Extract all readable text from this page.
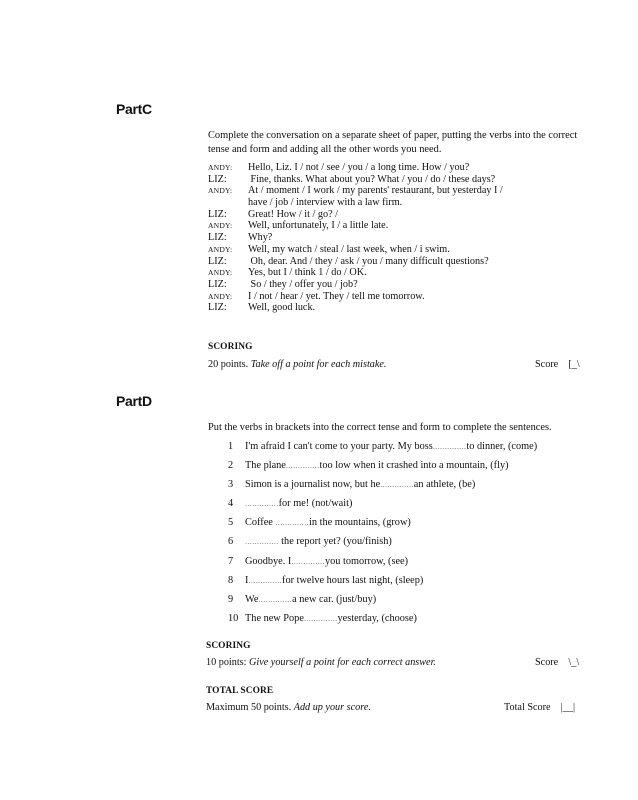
PartC
Complete the conversation on a separate sheet of paper, putting the verbs into the correct tense and form and adding all the other words you need.
ANDY: Hello, Liz. I / not / see / you / a long time. How / you?
LIZ: Fine, thanks. What about you? What / you / do / these days?
ANDY: At / moment / I work / my parents' restaurant, but yesterday I /
have / job / interview with a law firm.
LIZ: Great! How / it / go? /
ANDY: Well, unfortunately, I / a little late.
LIZ: Why?
ANDY: Well, my watch / steal / last week, when / i swim.
LIZ: Oh, dear. And / they / ask / you / many difficult questions?
ANDY: Yes, but I / think 1 / do / OK.
LIZ: So / they / offer you / job?
ANDY: I / not / hear / yet. They / tell me tomorrow.
LIZ: Well, good luck.
SCORING
20 points. Take off a point for each mistake.	Score [_\
PartD
Put the verbs in brackets into the correct tense and form to complete the sentences.
1 I'm afraid I can't come to your party. My boss..............to dinner, (come)
2 The plane..............too low when it crashed into a mountain, (fly)
3 Simon is a journalist now, but he..............an athlete, (be)
4 ..............for me! (not/wait)
5 Coffee ..............in the mountains, (grow)
6 .............. the report yet? (you/finish)
7 Goodbye. I..............you tomorrow, (see)
8 I..............for twelve hours last night, (sleep)
9 We..............a new car. (just/buy)
10 The new Pope..............yesterday, (choose)
SCORING
10 points: Give yourself a point for each correct answer.	Score \_\
TOTAL SCORE
Maximum 50 points. Add up your score.	Total Score |__|
